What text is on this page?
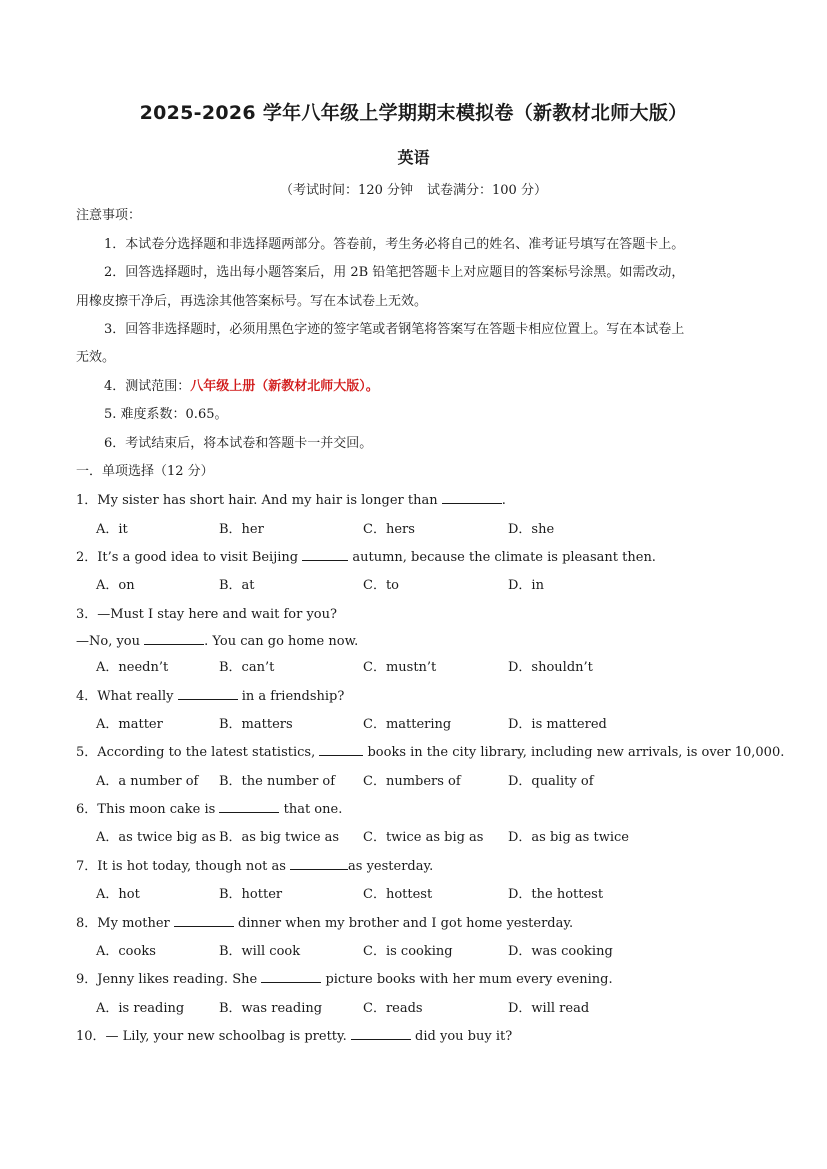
2025-2026 学年八年级上学期期末模拟卷（新教材北师大版）
英语
（考试时间：120 分钟 试卷满分：100 分）
注意事项：
1．本试卷分选择题和非选择题两部分。答卷前，考生务必将自己的姓名、准考证号填写在答题卡上。
2．回答选择题时，选出每小题答案后，用 2B 铅笔把答题卡上对应题目的答案标号涂黑。如需改动，
用橡皮擦干净后，再选涂其他答案标号。写在本试卷上无效。
3．回答非选择题时，必须用黑色字迹的签字笔或者钢笔将答案写在答题卡相应位置上。写在本试卷上
无效。
4．测试范围：八年级上册（新教材北师大版）。
5. 难度系数：0.65。
6．考试结束后，将本试卷和答题卡一并交回。
一．单项选择（12 分）
1．My sister has short hair. And my hair is longer than	.
A．it	B．her	C．hers	D．she
2．It’s a good idea to visit Beijing	autumn, because the climate is pleasant then.
A．on	B．at	C．to	D．in
3．—Must I stay here and wait for you?
—No, you	. You can go home now.
A．needn’t	B．can’t	C．mustn’t	D．shouldn’t
4．What really	in a friendship?
A．matter	B．matters	C．mattering	D．is mattered
5．According to the latest statistics,	books in the city library, including new arrivals, is over 10,000.
A．a number of B．the number of C．numbers of	D．quality of
6．This moon cake is	that one.
A．as twice big as B．as big twice as C．twice as big as D．as big as twice
7．It is hot today, though not as	as yesterday.
A．hot	B．hotter	C．hottest	D．the hottest
8．My mother	dinner when my brother and I got home yesterday.
A．cooks	B．will cook	C．is cooking	D．was cooking
9．Jenny likes reading. She	picture books with her mum every evening.
A．is reading	B．was reading	C．reads	D．will read
10．— Lily, your new schoolbag is pretty.	did you buy it?
